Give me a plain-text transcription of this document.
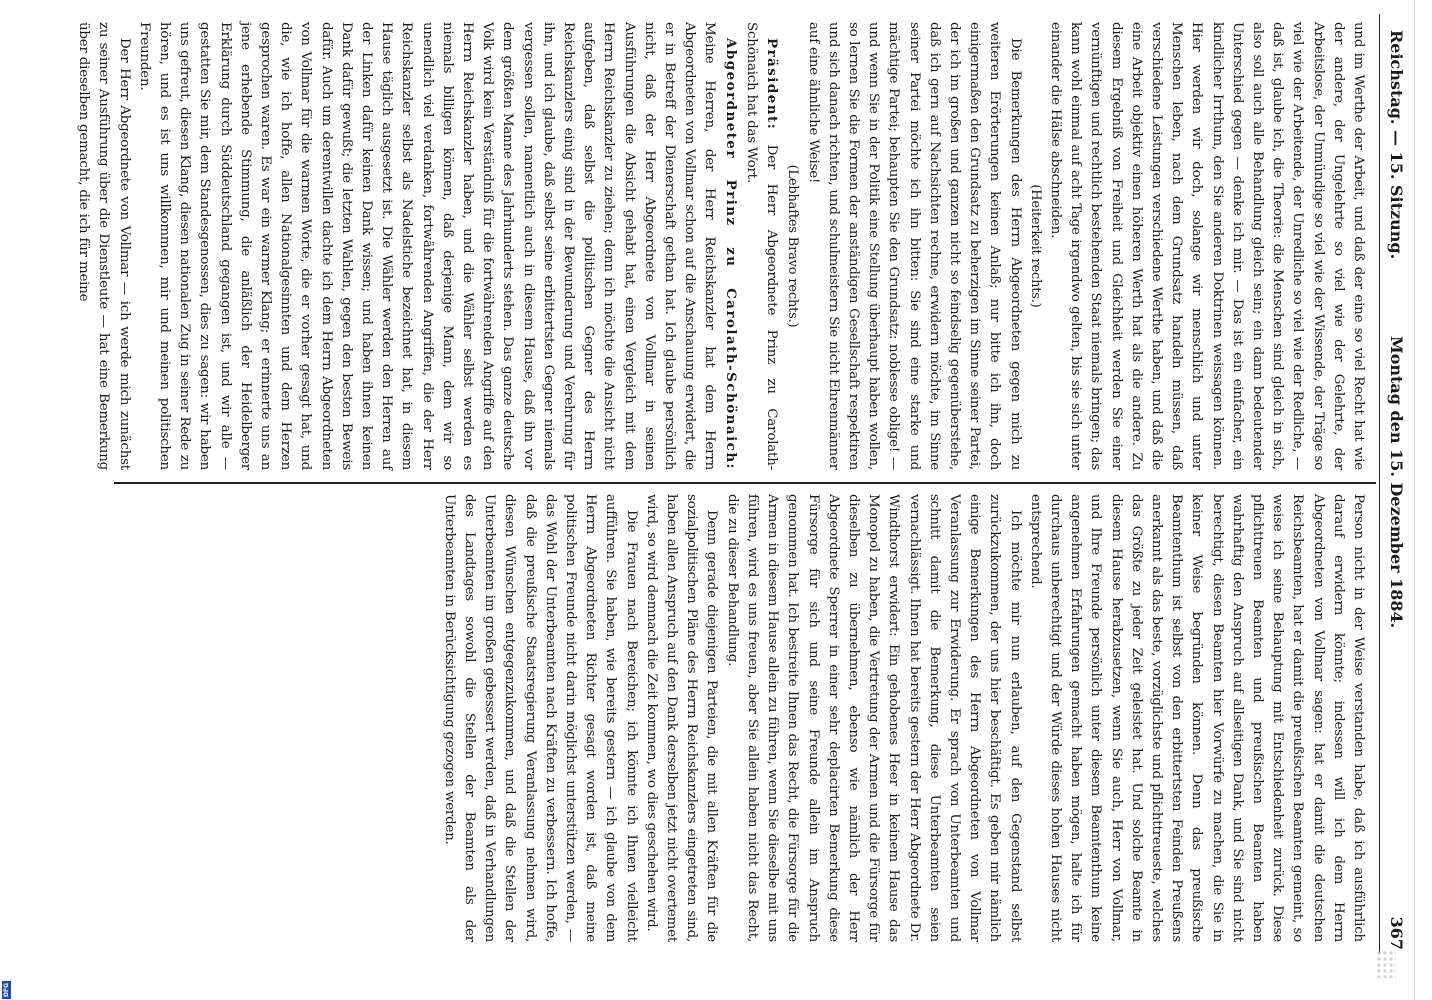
DFG
Reichstag. — 15. Sitzung.
Montag den 15. Dezember 1884.
367

und im Werthe der Arbeit, und daß der eine so viel Recht hat wie der andere, der Ungelehrte so viel wie der Gelehrte, der Arbeitslose, der Unmündige so viel wie der Wissende, der Träge so viel wie der Arbeitende, der Unredliche so viel wie der Redliche, — daß ist, glaube ich, die Theorie: die Menschen sind gleich in sich, also soll auch alle Behandlung gleich sein; ein dann bedeutender Unterschied gegen — denke ich mir. — Das ist ein einfacher, ein kindlicher Irrthum, den Sie anderen Doktrinen weissagen können. Hier werden wir doch, solange wir menschlich und unter Menschen leben, nach dem Grundsatz handeln müssen, daß verschiedene Leistungen verschiedene Werthe haben, und daß die eine Arbeit objektiv einen höheren Werth hat als die andere. Zu diesem Ergebniß von Freiheit und Gleichheit werden Sie einer vernünftigen und rechtlich bestehenden Staat niemals bringen; das kann wohl einmal auf acht Tage irgendwo gelten, bis sie sich unter einander die Hälse abschneiden.

(Heiterkeit rechts.)

Die Bemerkungen des Herrn Abgeordneten gegen mich zu weiteren Erörterungen keinen Anlaß; nur bitte ich ihn, doch einigermaßen den Grundsatz zu beherzigen im Sinne seiner Partei, der ich im großen und ganzen nicht so feindselig gegenüberstehe, daß ich gern auf Nachsichten rechne, erwidern möchte, im Sinne seiner Partei möchte ich ihn bitten: Sie sind eine starke und mächtige Partei; behaupten Sie den Grundsatz: noblesse oblige! — und wenn Sie in der Politik eine Stellung überhaupt haben wollen, so lernen Sie die Formen der anständigen Gesellschaft respektiren und sich danach richten, und schulmeistern Sie nicht Ehrenmänner auf eine ähnliche Weise!

(Lebhaftes Bravo rechts.)

Präsident: Der Herr Abgeordnete Prinz zu Carolath-Schönaich hat das Wort.

Abgeordneter Prinz zu Carolath-Schönaich: Meine Herren, der Herr Reichskanzler hat dem Herrn Abgeordneten von Vollmar schon auf die Anschauung erwidert, die er in Betreff der Dienerschaft gethan hat. Ich glaube persönlich nicht, daß der Herr Abgeordnete von Vollmar in seinen Ausführungen die Absicht gehabt hat, einen Vergleich mit dem Herrn Reichskanzler zu ziehen; denn ich möchte die Ansicht nicht aufgeben, daß selbst die politischen Gegner des Herrn Reichskanzlers einig sind in der Bewunderung und Verehrung für ihn, und ich glaube, daß selbst seine erbittertsten Gegner niemals vergessen sollen, namentlich auch in diesem Hause, daß ihn vor dem größten Manne des Jahrhunderts stehen. Das ganze deutsche Volk wird kein Verständniß für die fortwährenden Angriffe auf den Herrn Reichskanzler haben, und die Wähler selbst werden es niemals billigen können, daß derjenige Mann, dem wir so unendlich viel verdanken, fortwährenden Angriffen, die der Herr Reichskanzler selbst als Nadelstiche bezeichnet hat, in diesem Hause täglich ausgesetzt ist. Die Wähler werden den Herren auf der Linken dafür keinen Dank wissen; und haben ihnen keinen Dank dafür gewußt; die letzten Wahlen, gegen den besten Beweis dafür. Auch um derentwillen dachte ich dem Herrn Abgeordneten von Vollmar für die warmen Worte, die er vorher gesagt hat, und die, wie ich hoffe, allen Nationalgesinnten und dem Herzen gesprochen waren. Es war ein warmer Klang; er erinnerte uns an jene erhebende Stimmung, die anläßlich der Heidelberger Erklärung durch Süddeutschland gegangen ist, und wir alle — gestatten Sie mir, dem Standesgenossen, dies zu sagen: wir haben uns gefreut, diesen Klang, diesen nationalen Zug in seiner Rede zu hören, und es ist uns willkommen, mir und meinen politischen Freunden.

Der Herr Abgeordnete von Vollmar — ich werde mich zunächst zu seiner Ausführung über die Dienstleute — hat eine Bemerkung über dieselben gemacht, die ich für meine

Person nicht in der Weise verstanden habe, daß ich ausführlich darauf erwidern könnte; indessen will ich dem Herrn Abgeordneten von Vollmar sagen: hat er damit die deutschen Reichsbeamten, hat er damit die preußischen Beamten gemeint, so weise ich seine Behauptung mit Entschiedenheit zurück. Diese pflichttreuen Beamten und preußischen Beamten haben wahrhaftig den Anspruch auf allseitigen Dank, und Sie sind nicht berechtigt, diesen Beamten hier Vorwürfe zu machen, die Sie in keiner Weise begründen können. Denn das preußische Beamtenthum ist selbst von den erbittertsten Feinden Preußens anerkannt als das beste, vorzüglichste und pflichttreueste, welches das Größte zu jeder Zeit geleistet hat. Und solche Beamte in diesem Hause herabzusetzen, wenn Sie auch, Herr von Vollmar, und Ihre Freunde persönlich unter diesem Beamtenthum keine angenehmen Erfahrungen gemacht haben mögen, halte ich für durchaus unberechtigt und der Würde dieses hohen Hauses nicht entsprechend.

Ich möchte mir nun erlauben, auf den Gegenstand selbst zurückzukommen, der uns hier beschäftigt. Es geben mir nämlich einige Bemerkungen des Herrn Abgeordneten von Vollmar Veranlassung zur Erwiderung. Er sprach von Unterbeamten und schnitt damit die Bemerkung, diese Unterbeamten seien vernachlässigt. Ihnen hat bereits gestern der Herr Abgeordnete Dr. Windthorst erwidert: Ein gehobenes Heer in keinem Hause das Monopol zu haben, die Vertretung der Armen und die Fürsorge für dieselben zu übernehmen, ebenso wie nämlich der Herr Abgeordnete Sperrer in einer sehr deplacirten Bemerkung diese Fürsorge für sich und seine Freunde allein im Anspruch genommen hat. Ich bestreite Ihnen das Recht, die Fürsorge für die Armen in diesem Hause allein zu führen, wenn Sie dieselbe mit uns führen, wird es uns freuen, aber Sie allein haben nicht das Recht, die zu dieser Behandlung.

Denn gerade diejenigen Parteien, die mit allen Kräften für die sozialpolitischen Pläne des Herrn Reichskanzlers eingetreten sind, haben allen Anspruch auf den Dank derselben jetzt nicht overtemet wird, so wird demnach die Zeit kommen, wo dies geschehen wird.

Die Frauen nach Bereichen; ich könnte ich Ihnen vielleicht aufführen. Sie haben, wie bereits gestern — ich glaube von dem Herrn Abgeordneten Richter gesagt worden ist, daß meine politischen Freunde nicht darin möglichst unterstützen werden, — das Wohl der Unterbeamten nach Kräften zu verbessern. Ich hoffe, daß die preußische Staatsregierung Veranlassung nehmen wird, diesen Wünschen entgegenzukommen, und daß die Stellen der Unterbeamten im großen gebessert werden, daß in Verhandlungen des Landtages sowohl die Stellen der Beamten als der Unterbeamten in Berücksichtigung gezogen werden.
